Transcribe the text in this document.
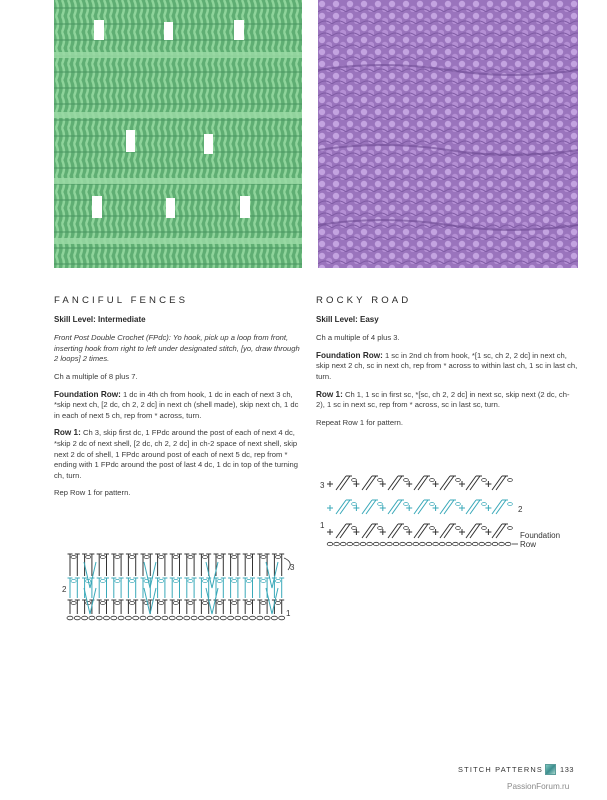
FANCIFUL FENCES
Skill Level: Intermediate
Front Post Double Crochet (FPdc): Yo hook, pick up a loop from front, inserting hook from right to left under designated stitch, [yo, draw through 2 loops] 2 times.
Ch a multiple of 8 plus 7.
Foundation Row: 1 dc in 4th ch from hook, 1 dc in each of next 3 ch, *skip next ch, [2 dc, ch 2, 2 dc] in next ch (shell made), skip next ch, 1 dc in each of next 5 ch, rep from * across, turn.
Row 1: Ch 3, skip first dc, 1 FPdc around the post of each of next 4 dc, *skip 2 dc of next shell, [2 dc, ch 2, 2 dc] in ch-2 space of next shell, skip next 2 dc of shell, 1 FPdc around post of each of next 5 dc, rep from * ending with 1 FPdc around the post of last 4 dc, 1 dc in top of the turning ch, turn.
Rep Row 1 for pattern.
3
2
1
ROCKY ROAD
Skill Level: Easy
Ch a multiple of 4 plus 3.
Foundation Row: 1 sc in 2nd ch from hook, *[1 sc, ch 2, 2 dc] in next ch, skip next 2 ch, sc in next ch, rep from * across to within last ch, 1 sc in last ch, turn.
Row 1: Ch 1, 1 sc in first sc, *[sc, ch 2, 2 dc] in next sc, skip next (2 dc, ch-2), 1 sc in next sc, rep from * across, sc in last sc, turn.
Repeat Row 1 for pattern.
3
2
1
Foundation
Row
STITCH PATTERNS 133
PassionForum.ru
